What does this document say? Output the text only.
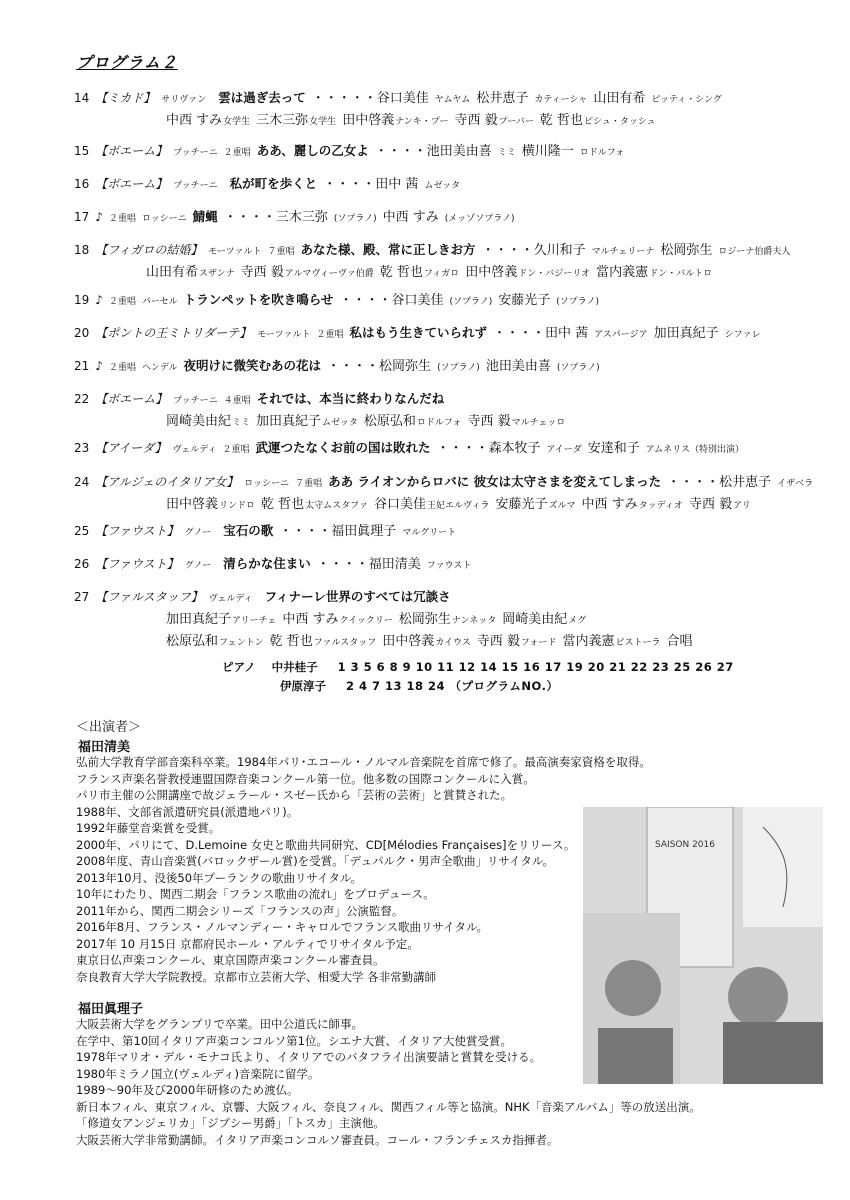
プログラム２
14 【ミカド】 サリヴァン 雲は過ぎ去って ・・・・・谷口美佳 ヤムヤム 松井恵子 カティーシャ 山田有希 ピッティ・シング
中西 すみ女学生 三木三弥女学生 田中啓義ナンキ・プー 寺西 毅プーバー 乾 哲也ピシュ・タッシュ
15 【ボエーム】 プッチーニ ２重唱 ああ、麗しの乙女よ ・・・・池田美由喜 ミミ 横川隆一 ロドルフォ
16 【ボエーム】 プッチーニ 私が町を歩くと ・・・・田中 茜 ムゼッタ
17 ♪ ２重唱 ロッシーニ 鯖蝿 ・・・・三木三弥 (ソプラノ) 中西 すみ (メッゾソプラノ)
18 【フィガロの結婚】 モーツァルト ７重唱 あなた様、殿、常に正しきお方 ・・・・久川和子 マルチェリーナ 松岡弥生 ロジーナ伯爵夫人
山田有希スザンナ 寺西 毅アルマヴィーヴァ伯爵 乾 哲也フィガロ 田中啓義ドン・バジーリオ 當内義憲ドン・バルトロ
19 ♪ ２重唱 パーセル トランペットを吹き鳴らせ ・・・・谷口美佳 (ソプラノ) 安藤光子 (ソプラノ)
20 【ポントの王ミトリダーテ】 モーツァルト ２重唱 私はもう生きていられず ・・・・田中 茜 アスパージア 加田真紀子 シファレ
21 ♪ ２重唱 ヘンデル 夜明けに微笑むあの花は ・・・・松岡弥生 (ソプラノ) 池田美由喜 (ソプラノ)
22 【ボエーム】 プッチーニ ４重唱 それでは、本当に終わりなんだね
岡崎美由紀ミミ 加田真紀子ムゼッタ 松原弘和ロドルフォ 寺西 毅マルチェッロ
23 【アイーダ】 ヴェルディ ２重唱 武運つたなくお前の国は敗れた ・・・・森本牧子 アイーダ 安達和子 アムネリス（特別出演）
24 【アルジェのイタリア女】 ロッシーニ ７重唱 ああ ライオンからロバに 彼女は太守さまを変えてしまった ・・・・松井恵子 イザベラ
田中啓義リンドロ 乾 哲也太守ムスタファ 谷口美佳王妃エルヴィラ 安藤光子ズルマ 中西 すみタッディオ 寺西 毅アリ
25 【ファウスト】 グノー 宝石の歌 ・・・・福田眞理子 マルグリート
26 【ファウスト】 グノー 清らかな住まい ・・・・福田清美 ファウスト
27 【ファルスタッフ】 ヴェルディ フィナーレ世界のすべては冗談さ
加田真紀子アリーチェ 中西 すみクイックリー 松岡弥生ナンネッタ 岡崎美由紀メグ
松原弘和フェントン 乾 哲也ファルスタッフ 田中啓義カイウス 寺西 毅フォード 當内義憲ピストーラ 合唱
ピアノ 中井桂子 1 3 5 6 8 9 10 11 12 14 15 16 17 19 20 21 22 23 25 26 27
伊原淳子 2 4 7 13 18 24 （プログラムNO.）
＜出演者＞
福田清美
弘前大学教育学部音楽科卒業。1984年パリ･エコール・ノルマル音楽院を首席で修了。最高演奏家資格を取得。
フランス声楽名誉教授連盟国際音楽コンクール第一位。他多数の国際コンクールに入賞。
パリ市主催の公開講座で故ジェラール・スゼー氏から「芸術の芸術」と賞賛された。
1988年、文部省派遣研究員(派遣地パリ)。
1992年藤堂音楽賞を受賞。
2000年、パリにて、D.Lemoine 女史と歌曲共同研究、CD[Mélodies Françaises]をリリース。
2008年度、青山音楽賞(バロックザール賞)を受賞。「デュパルク・男声全歌曲」リサイタル。
2013年10月、没後50年プーランクの歌曲リサイタル。
10年にわたり、関西二期会「フランス歌曲の流れ」をプロデュース。
2011年から、関西二期会シリーズ「フランスの声」公演監督。
2016年8月、フランス・ノルマンディー・キャロルでフランス歌曲リサイタル。
2017年 10 月15日 京都府民ホール・アルティでリサイタル予定。
東京日仏声楽コンクール、東京国際声楽コンクール審査員。
奈良教育大学大学院教授。京都市立芸術大学、相愛大学 各非常勤講師
SAISON 2016
福田眞理子
大阪芸術大学をグランプリで卒業。田中公道氏に師事。
在学中、第10回イタリア声楽コンコルソ第1位。シエナ大賞、イタリア大使賞受賞。
1978年マリオ・デル・モナコ氏より、イタリアでのバタフライ出演要請と賞賛を受ける。
1980年ミラノ国立(ヴェルディ)音楽院に留学。
1989～90年及び2000年研修のため渡仏。
新日本フィル、東京フィル、京響、大阪フィル、奈良フィル、関西フィル等と協演。NHK「音楽アルバム」等の放送出演。
「修道女アンジェリカ」「ジプシー男爵」「トスカ」主演他。
大阪芸術大学非常勤講師。イタリア声楽コンコルソ審査員。コール・フランチェスカ指揮者。
